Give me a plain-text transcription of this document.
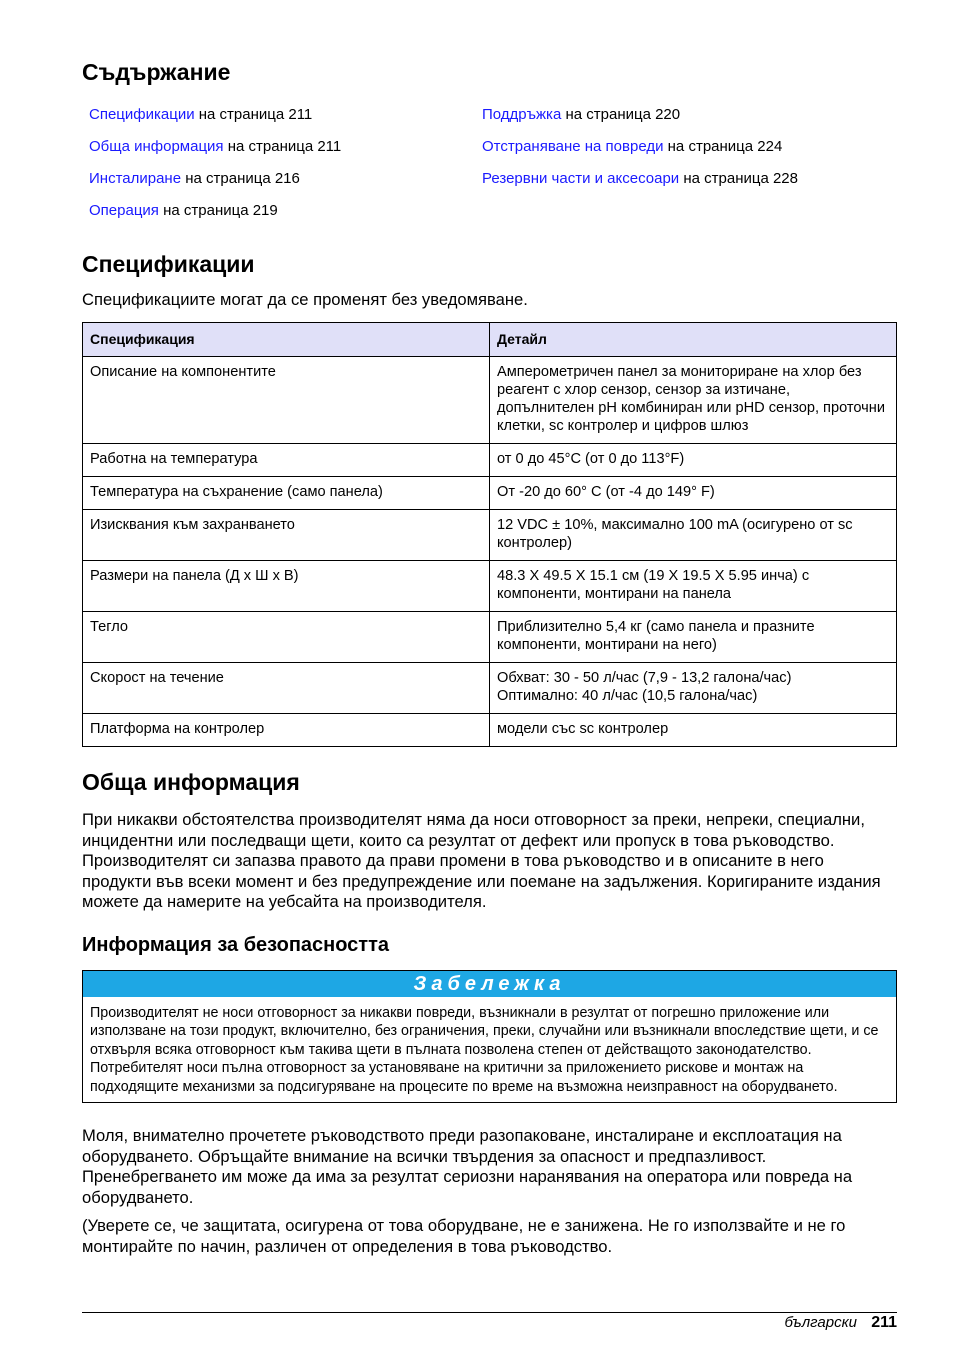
Съдържание
Спецификации на страница 211
Обща информация на страница 211
Инсталиране на страница 216
Операция на страница 219
Поддръжка на страница 220
Отстраняване на повреди на страница 224
Резервни части и аксесоари на страница 228
Спецификации

Спецификациите могат да се променят без уведомяване.

Спецификация	Детайл
Описание на компонентите	Амперометричен панел за мониториране на хлор без реагент с хлор сензор, сензор за изтичане, допълнителен pH комбиниран или pHD сензор, проточни клетки, sc контролер и цифров шлюз
Работна на температура	от 0 до 45°C (от 0 до 113°F)
Температура на съхранение (само панела)	От -20 до 60° C (от -4 до 149° F)
Изисквания към захранването	12 VDC ± 10%, максимално 100 mA (осигурено от sc контролер)
Размери на панела (Д x Ш x В)	48.3 X 49.5 X 15.1 см (19 X 19.5 X 5.95 инча) с компоненти, монтирани на панела
Тегло	Приблизително 5,4 кг (само панела и празните компоненти, монтирани на него)
Скорост на течение	Обхват: 30 - 50 л/час (7,9 - 13,2 галона/час)
Оптимално: 40 л/час (10,5 галона/час)

Платформа на контролер	модели със sc контролер
Обща информация

При никакви обстоятелства производителят няма да носи отговорност за преки, непреки, специални, инцидентни или последващи щети, които са резултат от дефект или пропуск в това ръководство. Производителят си запазва правото да прави промени в това ръководство и в описаните в него продукти във всеки момент и без предупреждение или поемане на задължения. Коригираните издания можете да намерите на уебсайта на производителя.

Информация за безопасността
Забележка
Производителят не носи отговорност за никакви повреди, възникнали в резултат от погрешно приложение или използване на този продукт, включително, без ограничения, преки, случайни или възникнали впоследствие щети, и се отхвърля всяка отговорност към такива щети в пълната позволена степен от действащото законодателство. Потребителят носи пълна отговорност за установяване на критични за приложението рискове и монтаж на подходящите механизми за подсигуряване на процесите по време на възможна неизправност на оборудването.

Моля, внимателно прочетете ръководството преди разопаковане, инсталиране и експлоатация на оборудването. Обръщайте внимание на всички твърдения за опасност и предпазливост. Пренебрегването им може да има за резултат сериозни наранявания на оператора или повреда на оборудването.

(Уверете се, че защитата, осигурена от това оборудване, не е занижена. Не го използвайте и не го монтирайте по начин, различен от определения в това ръководство.

български 211
